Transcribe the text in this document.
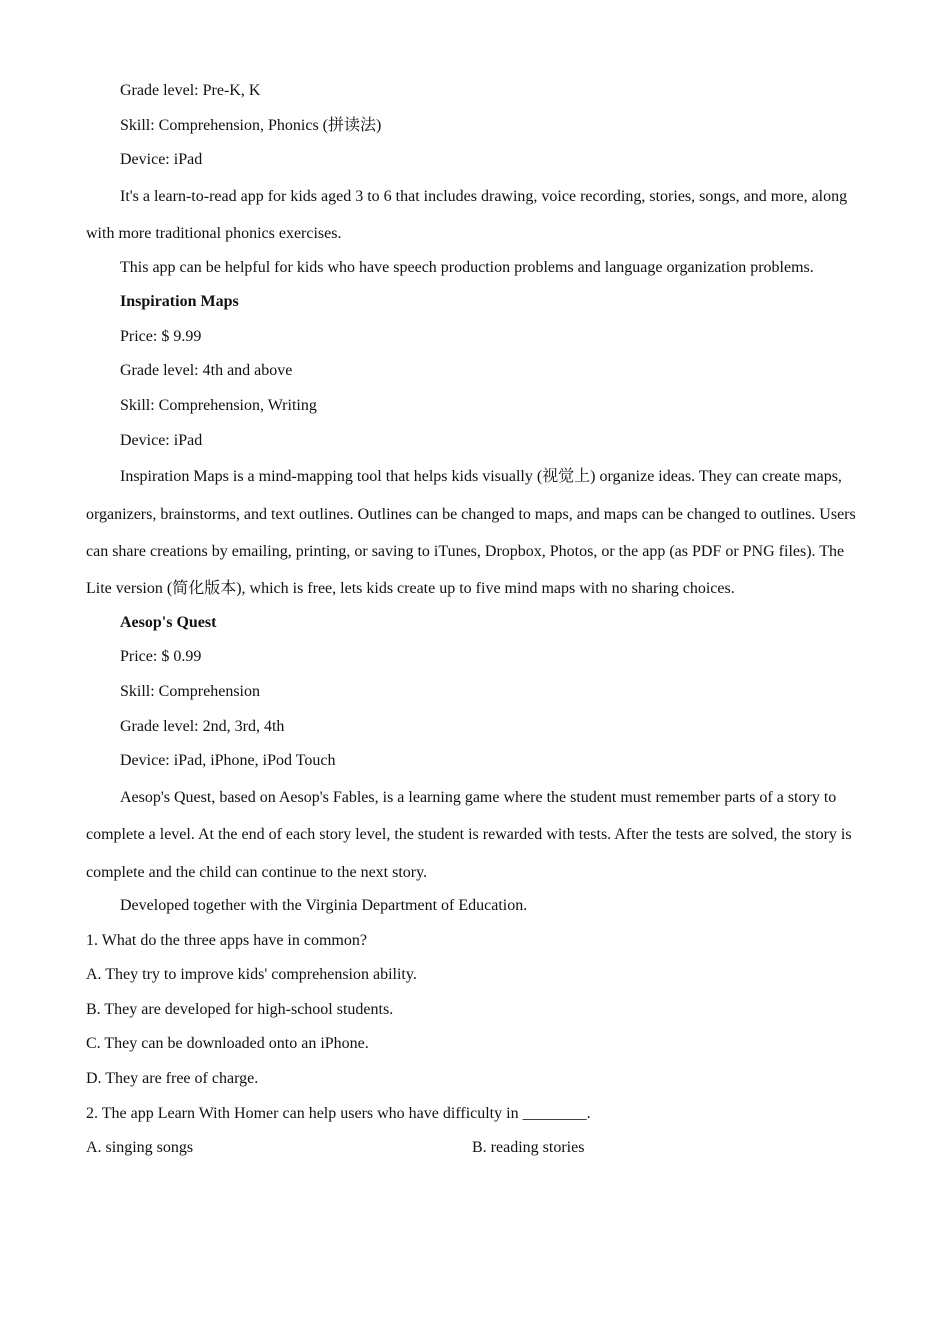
Grade level: Pre-K, K

Skill: Comprehension, Phonics (拼读法)

Device: iPad

It's a learn-to-read app for kids aged 3 to 6 that includes drawing, voice recording, stories, songs, and more, along with more traditional phonics exercises.

This app can be helpful for kids who have speech production problems and language organization problems.

Inspiration Maps

Price: $ 9.99

Grade level: 4th and above

Skill: Comprehension, Writing

Device: iPad

Inspiration Maps is a mind-mapping tool that helps kids visually (视觉上) organize ideas. They can create maps, organizers, brainstorms, and text outlines. Outlines can be changed to maps, and maps can be changed to outlines. Users can share creations by emailing, printing, or saving to iTunes, Dropbox, Photos, or the app (as PDF or PNG files). The Lite version (简化版本), which is free, lets kids create up to five mind maps with no sharing choices.

Aesop's Quest

Price: $ 0.99

Skill: Comprehension

Grade level: 2nd, 3rd, 4th

Device: iPad, iPhone, iPod Touch

Aesop's Quest, based on Aesop's Fables, is a learning game where the student must remember parts of a story to complete a level. At the end of each story level, the student is rewarded with tests. After the tests are solved, the story is complete and the child can continue to the next story.

Developed together with the Virginia Department of Education.

1. What do the three apps have in common?

A. They try to improve kids' comprehension ability.

B. They are developed for high-school students.

C. They can be downloaded onto an iPhone.

D. They are free of charge.

2. The app Learn With Homer can help users who have difficulty in ________.

A. singing songs	B. reading stories
